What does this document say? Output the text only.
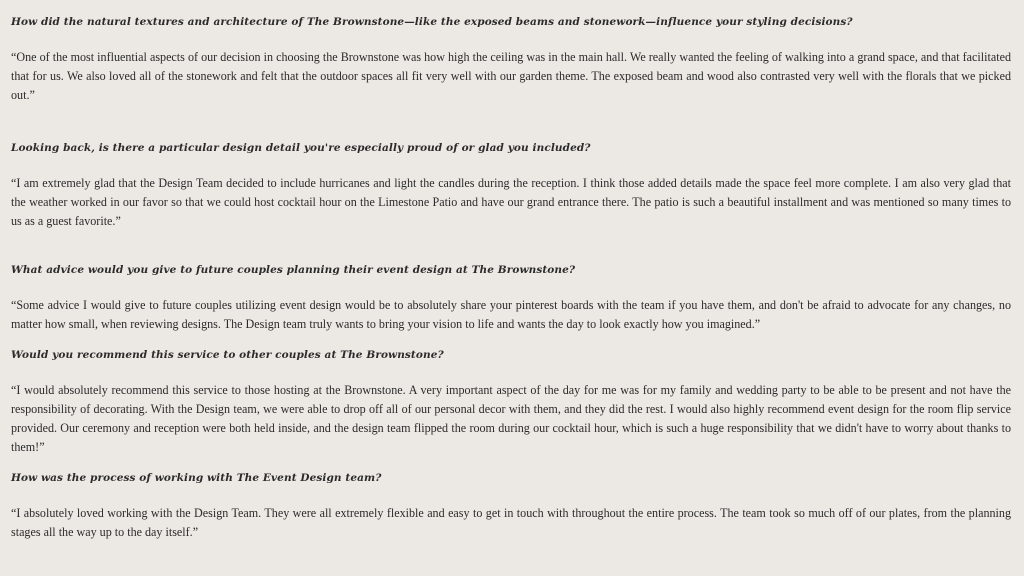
How did the natural textures and architecture of The Brownstone—like the exposed beams and stonework—influence your styling decisions?

“One of the most influential aspects of our decision in choosing the Brownstone was how high the ceiling was in the main hall. We really wanted the feeling of walking into a grand space, and that facilitated that for us. We also loved all of the stonework and felt that the outdoor spaces all fit very well with our garden theme. The exposed beam and wood also contrasted very well with the florals that we picked out.”

Looking back, is there a particular design detail you're especially proud of or glad you included?

“I am extremely glad that the Design Team decided to include hurricanes and light the candles during the reception. I think those added details made the space feel more complete. I am also very glad that the weather worked in our favor so that we could host cocktail hour on the Limestone Patio and have our grand entrance there. The patio is such a beautiful installment and was mentioned so many times to us as a guest favorite.”

What advice would you give to future couples planning their event design at The Brownstone?

“Some advice I would give to future couples utilizing event design would be to absolutely share your pinterest boards with the team if you have them, and don't be afraid to advocate for any changes, no matter how small, when reviewing designs. The Design team truly wants to bring your vision to life and wants the day to look exactly how you imagined.”

Would you recommend this service to other couples at The Brownstone?

“I would absolutely recommend this service to those hosting at the Brownstone. A very important aspect of the day for me was for my family and wedding party to be able to be present and not have the responsibility of decorating. With the Design team, we were able to drop off all of our personal decor with them, and they did the rest. I would also highly recommend event design for the room flip service provided. Our ceremony and reception were both held inside, and the design team flipped the room during our cocktail hour, which is such a huge responsibility that we didn't have to worry about thanks to them!”

How was the process of working with The Event Design team?

“I absolutely loved working with the Design Team. They were all extremely flexible and easy to get in touch with throughout the entire process. The team took so much off of our plates, from the planning stages all the way up to the day itself.”
